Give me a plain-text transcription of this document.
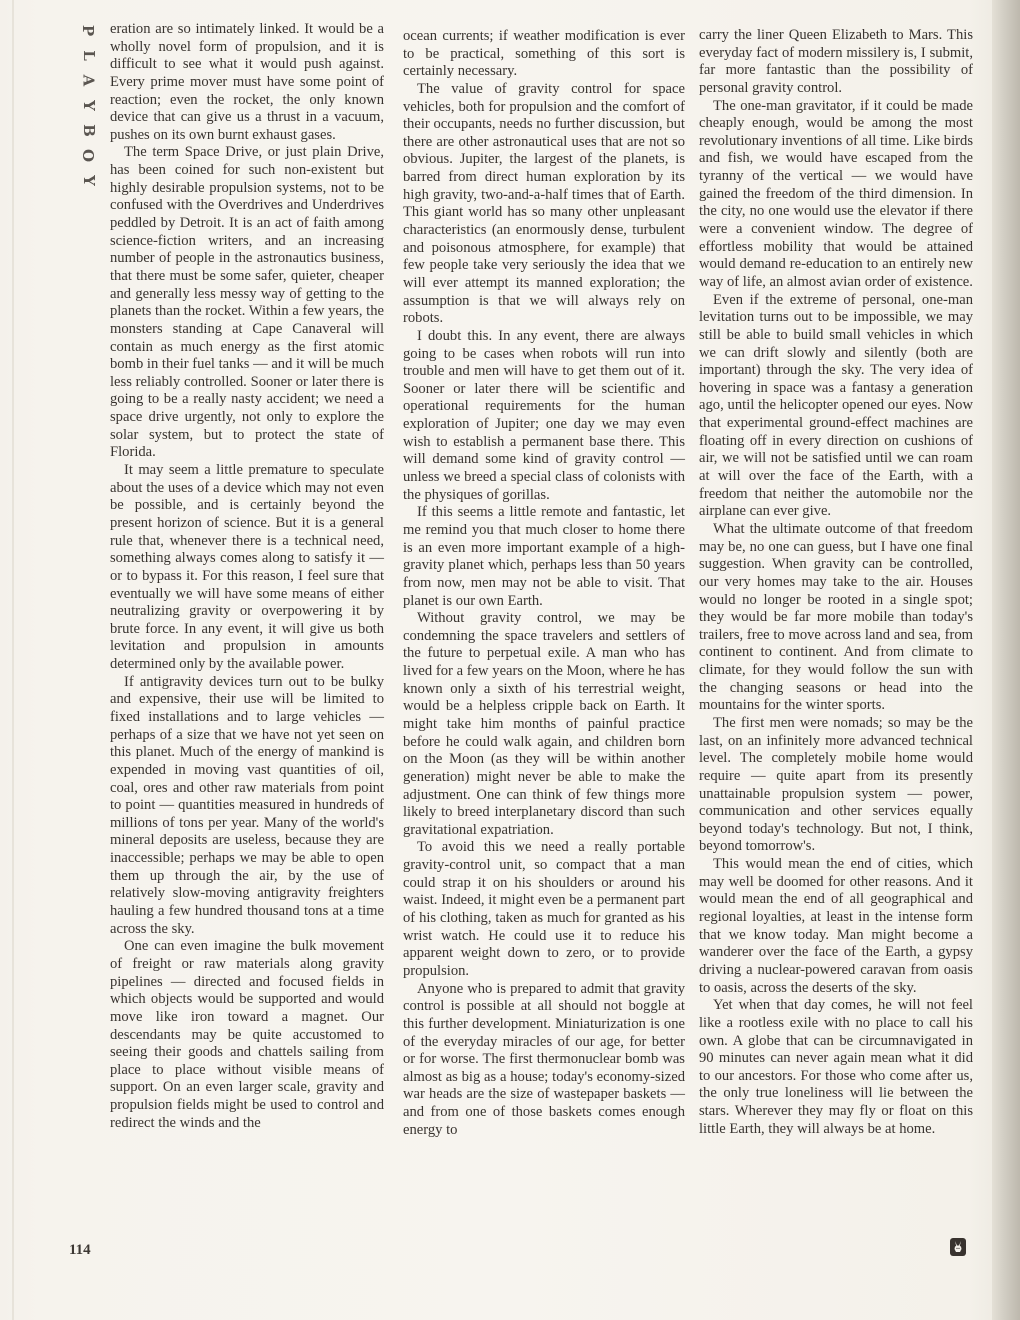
P
L
A
Y
B
O
Y

eration are so intimately linked. It would be a wholly novel form of propulsion, and it is difficult to see what it would push against. Every prime mover must have some point of reaction; even the rocket, the only known device that can give us a thrust in a vacuum, pushes on its own burnt exhaust gases.

The term Space Drive, or just plain Drive, has been coined for such non-existent but highly desirable propulsion systems, not to be confused with the Overdrives and Underdrives peddled by Detroit. It is an act of faith among science-fiction writers, and an increasing number of people in the astronautics business, that there must be some safer, quieter, cheaper and generally less messy way of getting to the planets than the rocket. Within a few years, the monsters standing at Cape Canaveral will contain as much energy as the first atomic bomb in their fuel tanks — and it will be much less reliably controlled. Sooner or later there is going to be a really nasty accident; we need a space drive urgently, not only to explore the solar system, but to protect the state of Florida.

It may seem a little premature to speculate about the uses of a device which may not even be possible, and is certainly beyond the present horizon of science. But it is a general rule that, whenever there is a technical need, something always comes along to satisfy it — or to bypass it. For this reason, I feel sure that eventually we will have some means of either neutralizing gravity or overpowering it by brute force. In any event, it will give us both levitation and propulsion in amounts determined only by the available power.

If antigravity devices turn out to be bulky and expensive, their use will be limited to fixed installations and to large vehicles — perhaps of a size that we have not yet seen on this planet. Much of the energy of mankind is expended in moving vast quantities of oil, coal, ores and other raw materials from point to point — quantities measured in hundreds of millions of tons per year. Many of the world's mineral deposits are useless, because they are inaccessible; perhaps we may be able to open them up through the air, by the use of relatively slow-moving antigravity freighters hauling a few hundred thousand tons at a time across the sky.

One can even imagine the bulk movement of freight or raw materials along gravity pipelines — directed and focused fields in which objects would be supported and would move like iron toward a magnet. Our descendants may be quite accustomed to seeing their goods and chattels sailing from place to place without visible means of support. On an even larger scale, gravity and propulsion fields might be used to control and redirect the winds and the

ocean currents; if weather modification is ever to be practical, something of this sort is certainly necessary.

The value of gravity control for space vehicles, both for propulsion and the comfort of their occupants, needs no further discussion, but there are other astronautical uses that are not so obvious. Jupiter, the largest of the planets, is barred from direct human exploration by its high gravity, two-and-a-half times that of Earth. This giant world has so many other unpleasant characteristics (an enormously dense, turbulent and poisonous atmosphere, for example) that few people take very seriously the idea that we will ever attempt its manned exploration; the assumption is that we will always rely on robots.

I doubt this. In any event, there are always going to be cases when robots will run into trouble and men will have to get them out of it. Sooner or later there will be scientific and operational requirements for the human exploration of Jupiter; one day we may even wish to establish a permanent base there. This will demand some kind of gravity control — unless we breed a special class of colonists with the physiques of gorillas.

If this seems a little remote and fantastic, let me remind you that much closer to home there is an even more important example of a high-gravity planet which, perhaps less than 50 years from now, men may not be able to visit. That planet is our own Earth.

Without gravity control, we may be condemning the space travelers and settlers of the future to perpetual exile. A man who has lived for a few years on the Moon, where he has known only a sixth of his terrestrial weight, would be a helpless cripple back on Earth. It might take him months of painful practice before he could walk again, and children born on the Moon (as they will be within another generation) might never be able to make the adjustment. One can think of few things more likely to breed interplanetary discord than such gravitational expatriation.

To avoid this we need a really portable gravity-control unit, so compact that a man could strap it on his shoulders or around his waist. Indeed, it might even be a permanent part of his clothing, taken as much for granted as his wrist watch. He could use it to reduce his apparent weight down to zero, or to provide propulsion.

Anyone who is prepared to admit that gravity control is possible at all should not boggle at this further development. Miniaturization is one of the everyday miracles of our age, for better or for worse. The first thermonuclear bomb was almost as big as a house; today's economy-sized war heads are the size of wastepaper baskets — and from one of those baskets comes enough energy to

carry the liner Queen Elizabeth to Mars. This everyday fact of modern missilery is, I submit, far more fantastic than the possibility of personal gravity control.

The one-man gravitator, if it could be made cheaply enough, would be among the most revolutionary inventions of all time. Like birds and fish, we would have escaped from the tyranny of the vertical — we would have gained the freedom of the third dimension. In the city, no one would use the elevator if there were a convenient window. The degree of effortless mobility that would be attained would demand re-education to an entirely new way of life, an almost avian order of existence.

Even if the extreme of personal, one-man levitation turns out to be impossible, we may still be able to build small vehicles in which we can drift slowly and silently (both are important) through the sky. The very idea of hovering in space was a fantasy a generation ago, until the helicopter opened our eyes. Now that experimental ground-effect machines are floating off in every direction on cushions of air, we will not be satisfied until we can roam at will over the face of the Earth, with a freedom that neither the automobile nor the airplane can ever give.

What the ultimate outcome of that freedom may be, no one can guess, but I have one final suggestion. When gravity can be controlled, our very homes may take to the air. Houses would no longer be rooted in a single spot; they would be far more mobile than today's trailers, free to move across land and sea, from continent to continent. And from climate to climate, for they would follow the sun with the changing seasons or head into the mountains for the winter sports.

The first men were nomads; so may be the last, on an infinitely more advanced technical level. The completely mobile home would require — quite apart from its presently unattainable propulsion system — power, communication and other services equally beyond today's technology. But not, I think, beyond tomorrow's.

This would mean the end of cities, which may well be doomed for other reasons. And it would mean the end of all geographical and regional loyalties, at least in the intense form that we know today. Man might become a wanderer over the face of the Earth, a gypsy driving a nuclear-powered caravan from oasis to oasis, across the deserts of the sky.

Yet when that day comes, he will not feel like a rootless exile with no place to call his own. A globe that can be circumnavigated in 90 minutes can never again mean what it did to our ancestors. For those who come after us, the only true loneliness will lie between the stars. Wherever they may fly or float on this little Earth, they will always be at home.

114
